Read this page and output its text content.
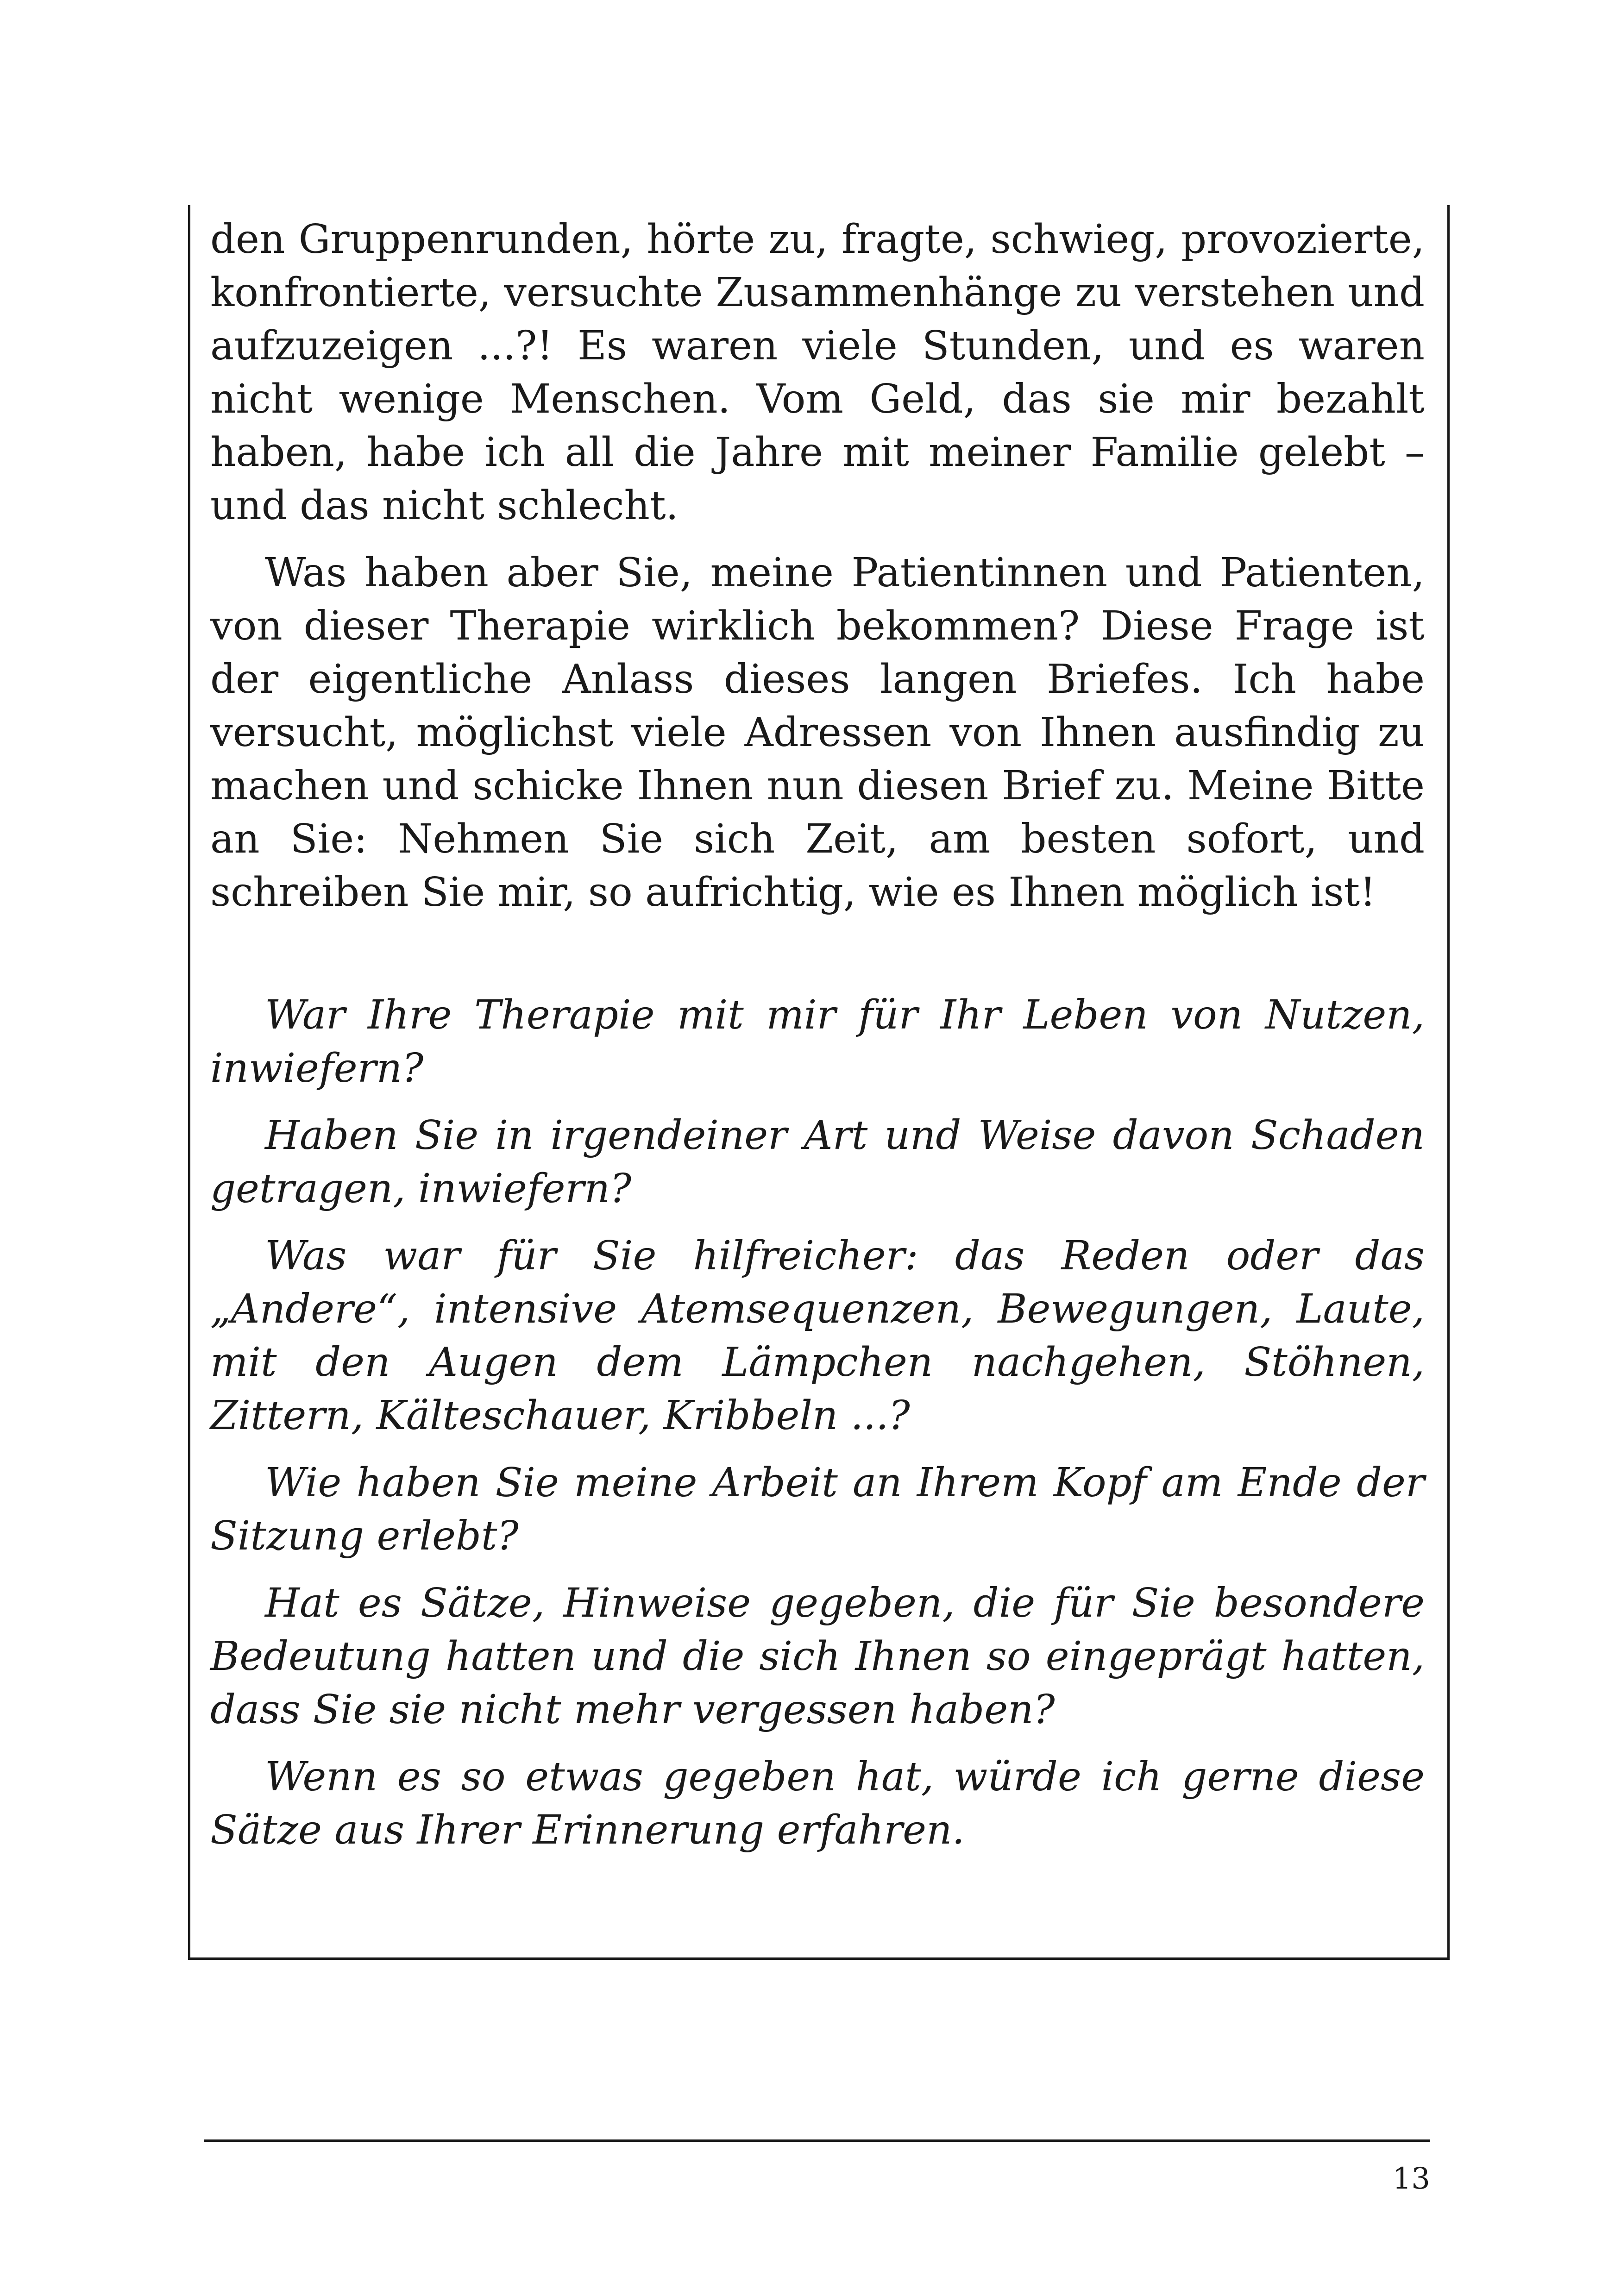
den Gruppenrunden, hörte zu, fragte, schwieg, provozierte, konfrontierte, versuchte Zusammenhänge zu verstehen und aufzuzeigen ...?! Es waren viele Stunden, und es waren nicht wenige Menschen. Vom Geld, das sie mir bezahlt haben, habe ich all die Jahre mit meiner Familie gelebt – und das nicht schlecht.

Was haben aber Sie, meine Patientinnen und Patienten, von dieser Therapie wirklich bekommen? Diese Frage ist der eigentliche Anlass dieses langen Briefes. Ich habe versucht, möglichst viele Adressen von Ihnen ausfindig zu machen und schicke Ihnen nun diesen Brief zu. Meine Bitte an Sie: Nehmen Sie sich Zeit, am besten sofort, und schreiben Sie mir, so aufrichtig, wie es Ihnen möglich ist!

War Ihre Therapie mit mir für Ihr Leben von Nutzen, inwiefern?

Haben Sie in irgendeiner Art und Weise davon Schaden getragen, inwiefern?

Was war für Sie hilfreicher: das Reden oder das „Andere“, intensive Atemsequenzen, Bewegungen, Laute, mit den Augen dem Lämpchen nachgehen, Stöhnen, Zittern, Kälteschauer, Kribbeln ...?

Wie haben Sie meine Arbeit an Ihrem Kopf am Ende der Sitzung erlebt?

Hat es Sätze, Hinweise gegeben, die für Sie besondere Bedeutung hatten und die sich Ihnen so eingeprägt hatten, dass Sie sie nicht mehr vergessen haben?

Wenn es so etwas gegeben hat, würde ich gerne diese Sätze aus Ihrer Erinnerung erfahren.

13
